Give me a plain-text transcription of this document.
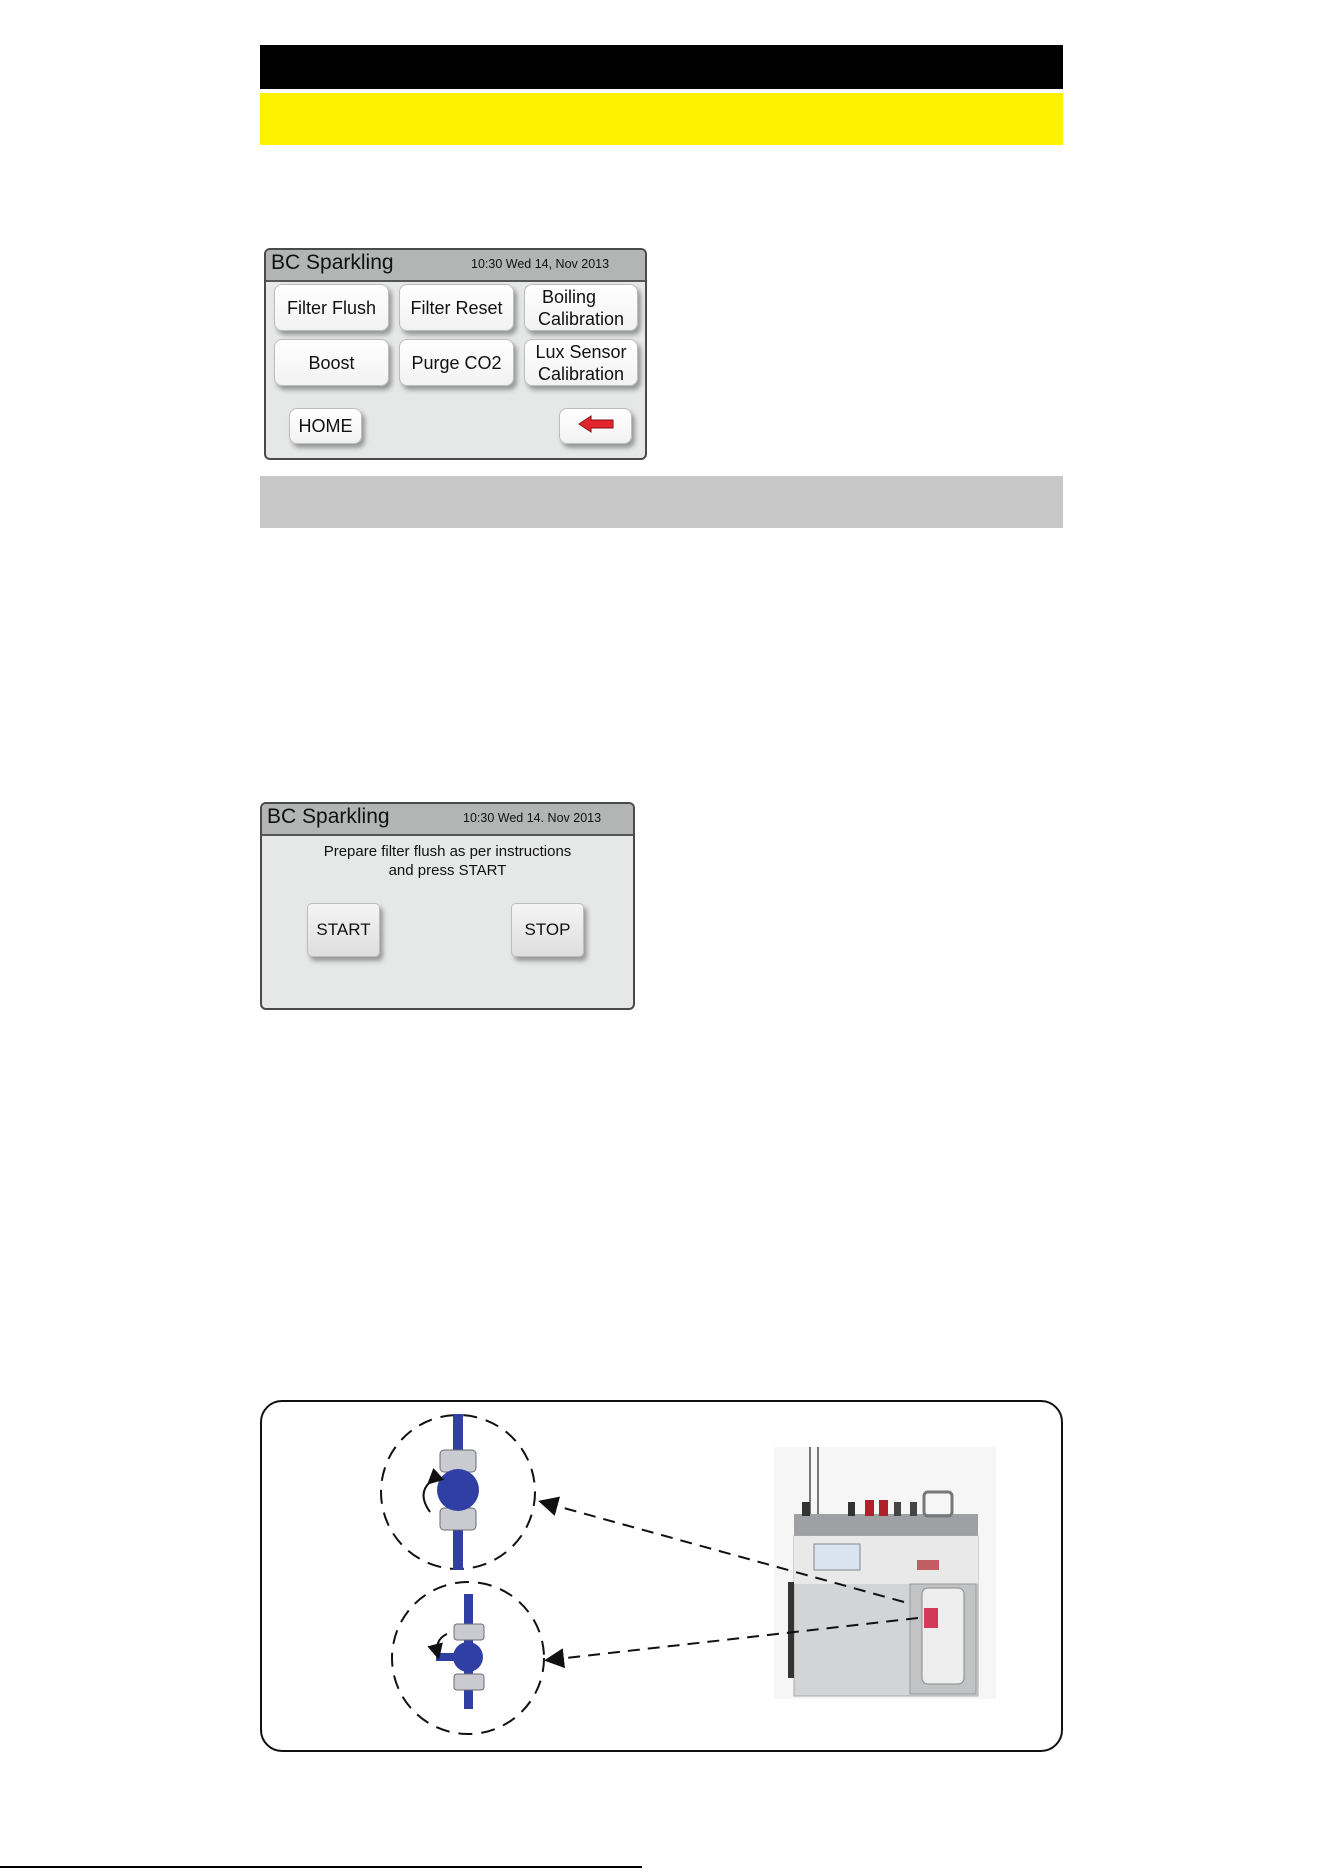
BC Sparkling	10:30 Wed 14, Nov 2013
Filter Flush Filter Reset
Boiling
Calibration
Boost	Purge CO2
Lux Sensor
Calibration
HOME
BC Sparkling	10:30 Wed 14. Nov 2013
Prepare filter flush as per instructions
and press START
START	STOP
